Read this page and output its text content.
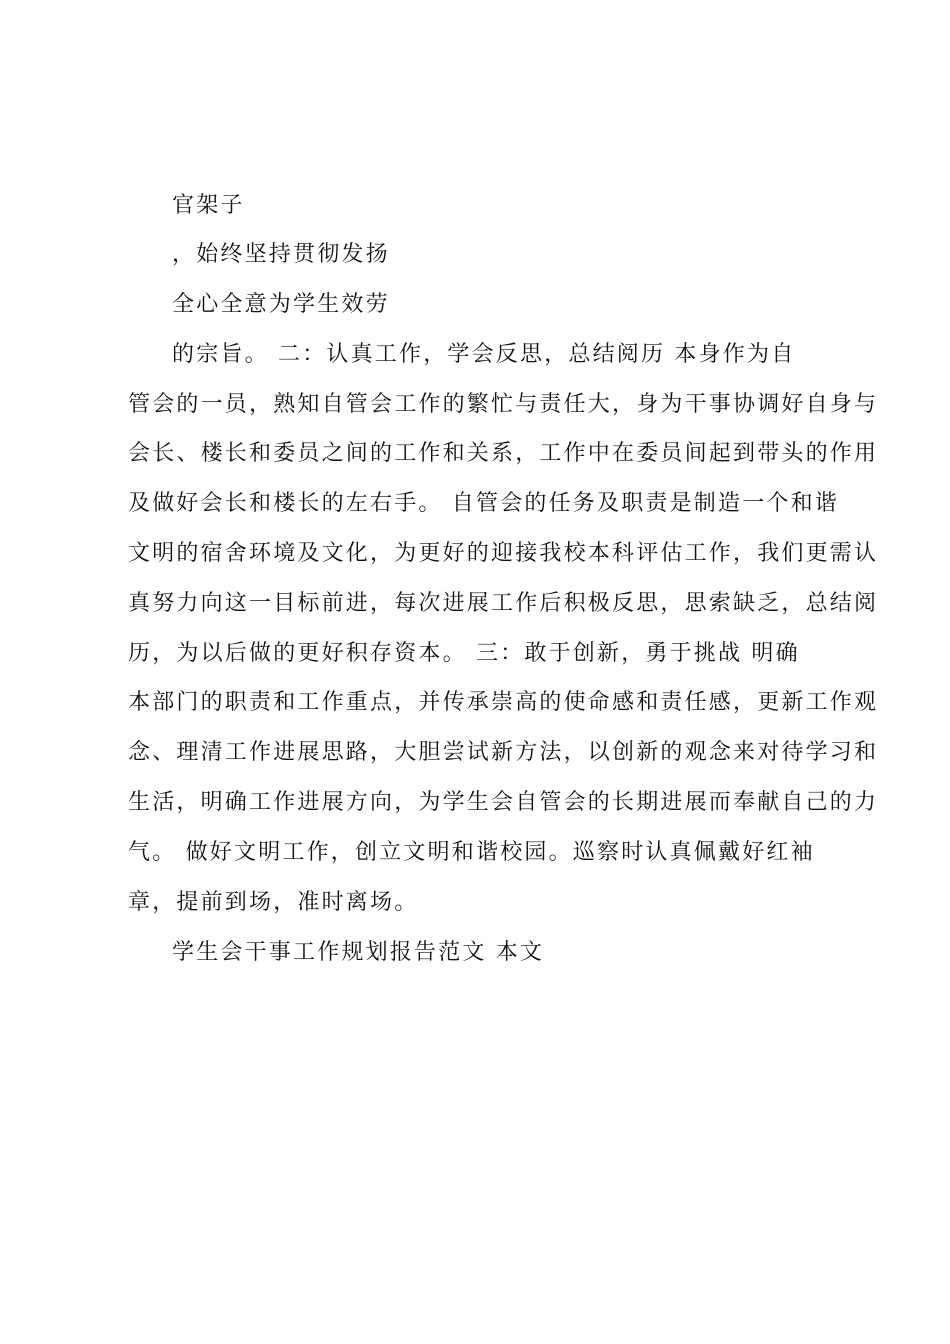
官架子
，始终坚持贯彻发扬
全心全意为学生效劳
的宗旨。 二：认真工作，学会反思，总结阅历 本身作为自
管会的一员，熟知自管会工作的繁忙与责任大，身为干事协调好自身与
会长、楼长和委员之间的工作和关系，工作中在委员间起到带头的作用
及做好会长和楼长的左右手。 自管会的任务及职责是制造一个和谐
文明的宿舍环境及文化，为更好的迎接我校本科评估工作，我们更需认
真努力向这一目标前进，每次进展工作后积极反思，思索缺乏，总结阅
历，为以后做的更好积存资本。 三：敢于创新，勇于挑战 明确
本部门的职责和工作重点，并传承崇高的使命感和责任感，更新工作观
念、理清工作进展思路，大胆尝试新方法，以创新的观念来对待学习和
生活，明确工作进展方向，为学生会自管会的长期进展而奉献自己的力
气。 做好文明工作，创立文明和谐校园。巡察时认真佩戴好红袖
章，提前到场，准时离场。
学生会干事工作规划报告范文 本文
